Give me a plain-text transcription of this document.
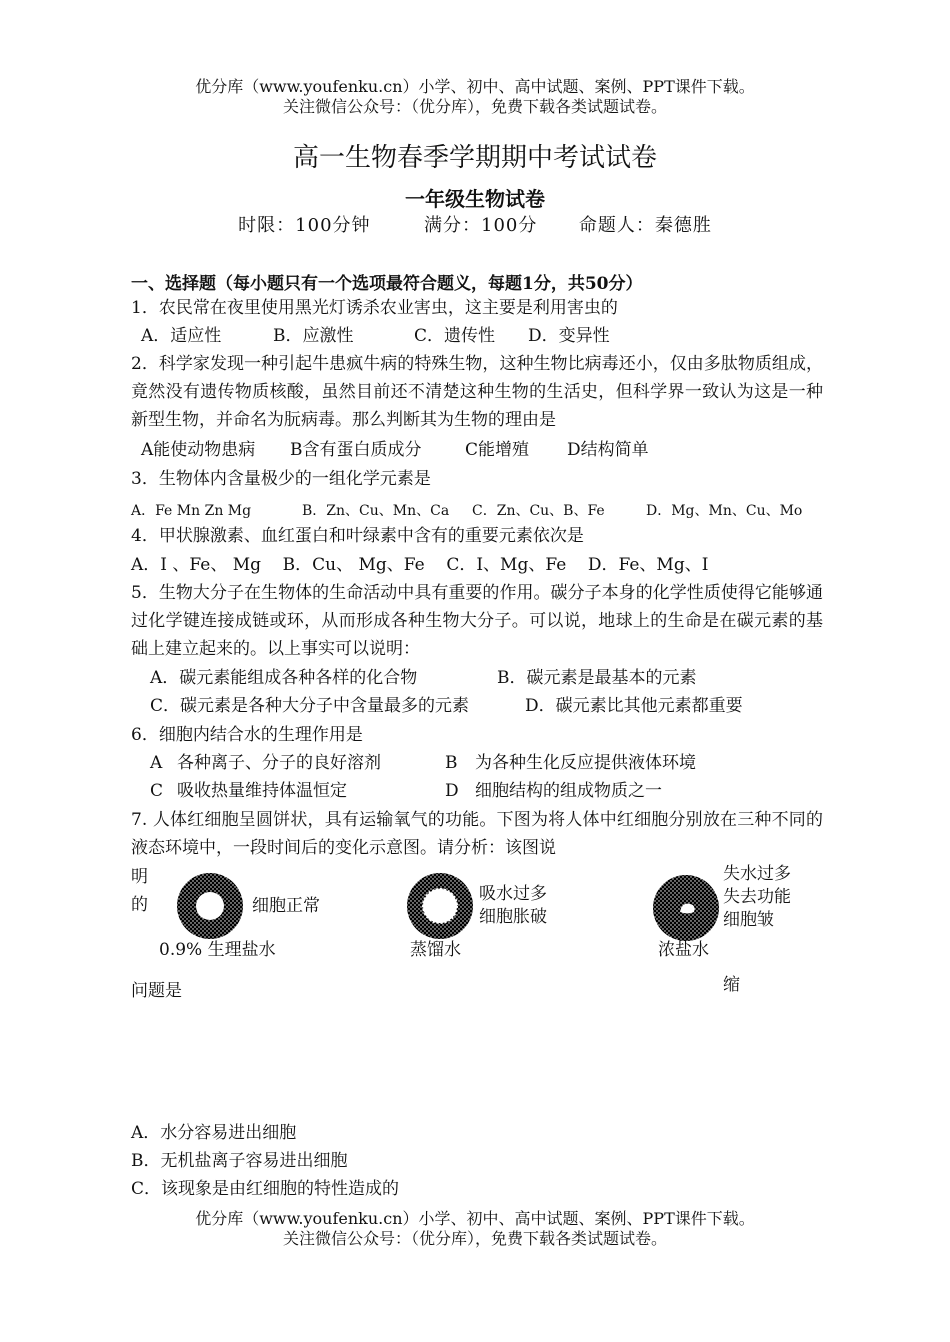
优分库（www.youfenku.cn）小学、初中、高中试题、案例、PPT课件下载。
关注微信公众号：（优分库），免费下载各类试题试卷。
高一生物春季学期期中考试试卷
一年级生物试卷
时限：100分钟	满分：100分 命题人：秦德胜
一、选择题（每小题只有一个选项最符合题义，每题1分，共50分）
1．农民常在夜里使用黑光灯诱杀农业害虫，这主要是利用害虫的
A．适应性	B．应激性	C．遗传性 D．变异性
2．科学家发现一种引起牛患疯牛病的特殊生物，这种生物比病毒还小，仅由多肽物质组成，竟然没有遗传物质核酸，虽然目前还不清楚这种生物的生活史，但科学界一致认为这是一种新型生物，并命名为朊病毒。那么判断其为生物的理由是
A能使动物患病 B含有蛋白质成分	C能增殖 D结构简单
3．生物体内含量极少的一组化学元素是
A．Fe Mn Zn Mg	B．Zn、Cu、Mn、Ca C．Zn、Cu、B、Fe	D．Mg、Mn、Cu、Mo
4．甲状腺激素、血红蛋白和叶绿素中含有的重要元素依次是
A．I 、Fe、 Mg    B．Cu、 Mg、Fe    C．I、Mg、Fe    D．Fe、Mg、I
5．生物大分子在生物体的生命活动中具有重要的作用。碳分子本身的化学性质使得它能够通过化学键连接成链或环，从而形成各种生物大分子。可以说，地球上的生命是在碳元素的基础上建立起来的。以上事实可以说明：
A．碳元素能组成各种各样的化合物	B．碳元素是最基本的元素
C．碳元素是各种大分子中含量最多的元素	D．碳元素比其他元素都重要
6．细胞内结合水的生理作用是
A 各种离子、分子的良好溶剂	B 为各种生化反应提供液体环境
C 吸收热量维持体温恒定	D 细胞结构的组成物质之一
7. 人体红细胞呈圆饼状，具有运输氧气的功能。下图为将人体中红细胞分别放在三种不同的液态环境中，一段时间后的变化示意图。请分析：该图说
明
的
问题是
细胞正常
0.9% 生理盐水
吸水过多
细胞胀破
蒸馏水
失水过多
失去功能
细胞皱
缩
浓盐水
A．水分容易进出细胞
B．无机盐离子容易进出细胞
C．该现象是由红细胞的特性造成的
优分库（www.youfenku.cn）小学、初中、高中试题、案例、PPT课件下载。
关注微信公众号：（优分库），免费下载各类试题试卷。
